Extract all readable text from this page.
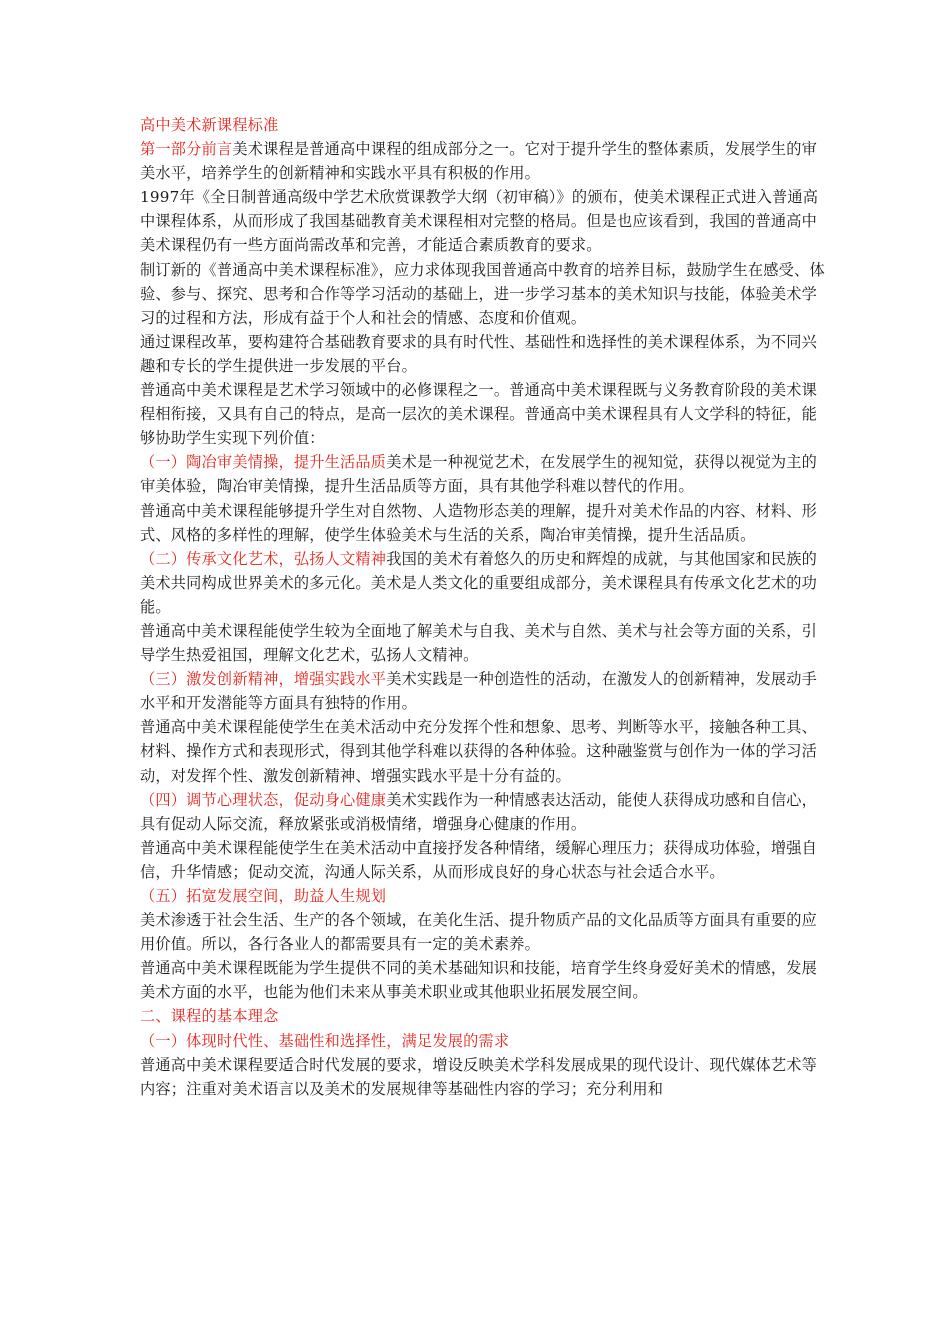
高中美术新课程标准

第一部分前言美术课程是普通高中课程的组成部分之一。它对于提升学生的整体素质，发展学生的审美水平，培养学生的创新精神和实践水平具有积极的作用。

1997年《全日制普通高级中学艺术欣赏课教学大纲（初审稿）》的颁布，使美术课程正式进入普通高中课程体系，从而形成了我国基础教育美术课程相对完整的格局。但是也应该看到，我国的普通高中美术课程仍有一些方面尚需改革和完善，才能适合素质教育的要求。

制订新的《普通高中美术课程标准》，应力求体现我国普通高中教育的培养目标，鼓励学生在感受、体验、参与、探究、思考和合作等学习活动的基础上，进一步学习基本的美术知识与技能，体验美术学习的过程和方法，形成有益于个人和社会的情感、态度和价值观。

通过课程改革，要构建符合基础教育要求的具有时代性、基础性和选择性的美术课程体系，为不同兴趣和专长的学生提供进一步发展的平台。

普通高中美术课程是艺术学习领域中的必修课程之一。普通高中美术课程既与义务教育阶段的美术课程相衔接，又具有自己的特点，是高一层次的美术课程。普通高中美术课程具有人文学科的特征，能够协助学生实现下列价值：

（一）陶冶审美情操，提升生活品质美术是一种视觉艺术，在发展学生的视知觉，获得以视觉为主的审美体验，陶冶审美情操，提升生活品质等方面，具有其他学科难以替代的作用。

普通高中美术课程能够提升学生对自然物、人造物形态美的理解，提升对美术作品的内容、材料、形式、风格的多样性的理解，使学生体验美术与生活的关系，陶冶审美情操，提升生活品质。

（二）传承文化艺术，弘扬人文精神我国的美术有着悠久的历史和辉煌的成就，与其他国家和民族的美术共同构成世界美术的多元化。美术是人类文化的重要组成部分，美术课程具有传承文化艺术的功能。

普通高中美术课程能使学生较为全面地了解美术与自我、美术与自然、美术与社会等方面的关系，引导学生热爱祖国，理解文化艺术，弘扬人文精神。

（三）激发创新精神，增强实践水平美术实践是一种创造性的活动，在激发人的创新精神，发展动手水平和开发潜能等方面具有独特的作用。

普通高中美术课程能使学生在美术活动中充分发挥个性和想象、思考、判断等水平，接触各种工具、材料、操作方式和表现形式，得到其他学科难以获得的各种体验。这种融鉴赏与创作为一体的学习活动，对发挥个性、激发创新精神、增强实践水平是十分有益的。

（四）调节心理状态，促动身心健康美术实践作为一种情感表达活动，能使人获得成功感和自信心，具有促动人际交流，释放紧张或消极情绪，增强身心健康的作用。

普通高中美术课程能使学生在美术活动中直接抒发各种情绪，缓解心理压力；获得成功体验，增强自信，升华情感；促动交流，沟通人际关系，从而形成良好的身心状态与社会适合水平。

（五）拓宽发展空间，助益人生规划

美术渗透于社会生活、生产的各个领域，在美化生活、提升物质产品的文化品质等方面具有重要的应用价值。所以，各行各业人的都需要具有一定的美术素养。

普通高中美术课程既能为学生提供不同的美术基础知识和技能，培育学生终身爱好美术的情感，发展美术方面的水平，也能为他们未来从事美术职业或其他职业拓展发展空间。

二、课程的基本理念

（一）体现时代性、基础性和选择性，满足发展的需求

普通高中美术课程要适合时代发展的要求，增设反映美术学科发展成果的现代设计、现代媒体艺术等内容；注重对美术语言以及美术的发展规律等基础性内容的学习；充分利用和
